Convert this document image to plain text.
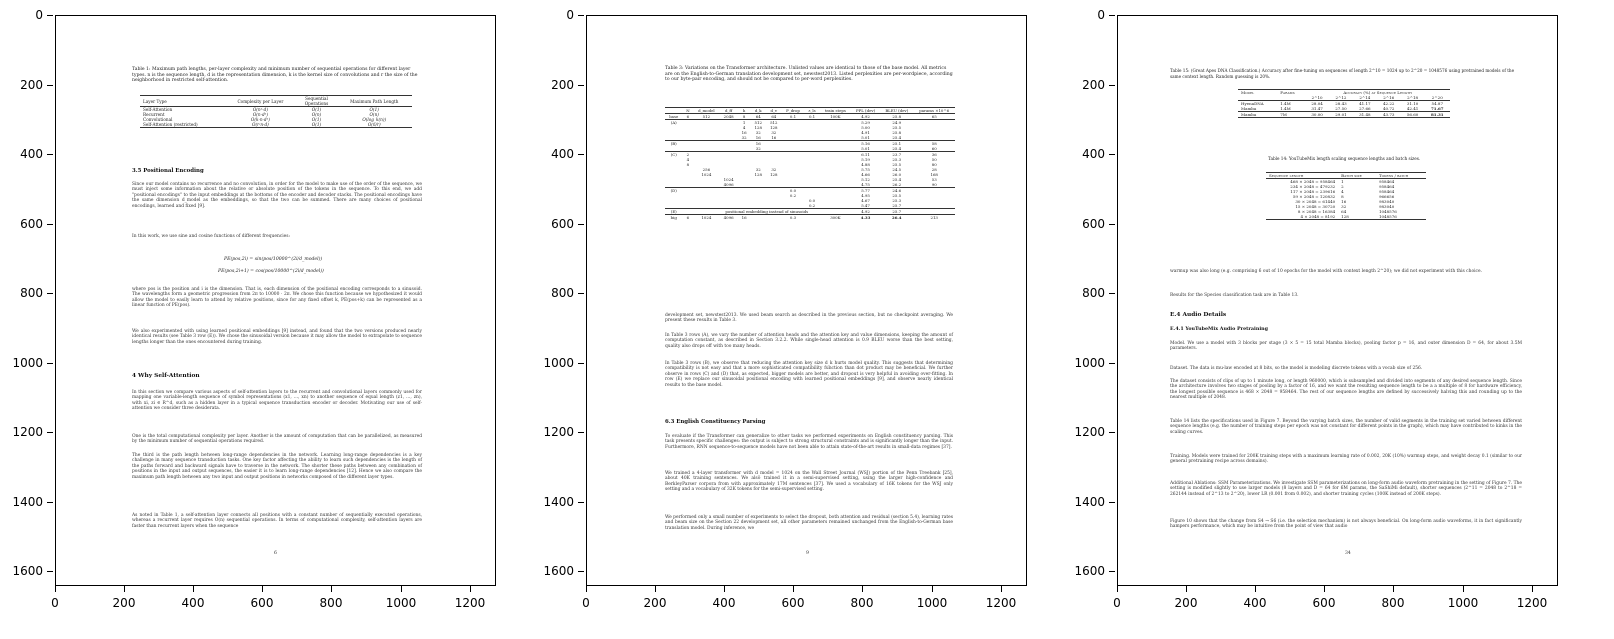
0
200
400
600
800
1000
1200
1400
1600
0	200	400	600	800	1000	1200
Table 1: Maximum path lengths, per-layer complexity and minimum number of sequential operations for different layer types. n is the sequence length, d is the representation dimension, k is the kernel size of convolutions and r the size of the neighborhood in restricted self-attention.
Layer Type	Complexity per Layer	Sequential Operations	Maximum Path Length
Self-Attention	O(n²·d)	O(1)	O(1)
Recurrent	O(n·d²)	O(n)	O(n)
Convolutional	O(k·n·d²)	O(1)	O(log_k(n))
Self-Attention (restricted)	O(r·n·d)	O(1)	O(n/r)
3.5 Positional Encoding
Since our model contains no recurrence and no convolution, in order for the model to make use of the order of the sequence, we must inject some information about the relative or absolute position of the tokens in the sequence. To this end, we add "positional encodings" to the input embeddings at the bottoms of the encoder and decoder stacks. The positional encodings have the same dimension d_model as the embeddings, so that the two can be summed. There are many choices of positional encodings, learned and fixed [9].
In this work, we use sine and cosine functions of different frequencies:
PE(pos,2i) = sin(pos/10000^(2i/d_model))
PE(pos,2i+1) = cos(pos/10000^(2i/d_model))
where pos is the position and i is the dimension. That is, each dimension of the positional encoding corresponds to a sinusoid. The wavelengths form a geometric progression from 2π to 10000 · 2π. We chose this function because we hypothesized it would allow the model to easily learn to attend by relative positions, since for any fixed offset k, PE(pos+k) can be represented as a linear function of PE(pos).
We also experimented with using learned positional embeddings [9] instead, and found that the two versions produced nearly identical results (see Table 3 row (E)). We chose the sinusoidal version because it may allow the model to extrapolate to sequence lengths longer than the ones encountered during training.
4 Why Self-Attention
In this section we compare various aspects of self-attention layers to the recurrent and convolutional layers commonly used for mapping one variable-length sequence of symbol representations (x1, ..., xn) to another sequence of equal length (z1, ..., zn), with xi, zi ∈ R^d, such as a hidden layer in a typical sequence transduction encoder or decoder. Motivating our use of self-attention we consider three desiderata.
One is the total computational complexity per layer. Another is the amount of computation that can be parallelized, as measured by the minimum number of sequential operations required.
The third is the path length between long-range dependencies in the network. Learning long-range dependencies is a key challenge in many sequence transduction tasks. One key factor affecting the ability to learn such dependencies is the length of the paths forward and backward signals have to traverse in the network. The shorter these paths between any combination of positions in the input and output sequences, the easier it is to learn long-range dependencies [12]. Hence we also compare the maximum path length between any two input and output positions in networks composed of the different layer types.
As noted in Table 1, a self-attention layer connects all positions with a constant number of sequentially executed operations, whereas a recurrent layer requires O(n) sequential operations. In terms of computational complexity, self-attention layers are faster than recurrent layers when the sequence
6
0
200
400
600
800
1000
1200
1400
1600
0	200	400	600	800	1000	1200
Table 3: Variations on the Transformer architecture. Unlisted values are identical to those of the base model. All metrics are on the English-to-German translation development set, newstest2013. Listed perplexities are per-wordpiece, according to our byte-pair encoding, and should not be compared to per-word perplexities.
	N	d_model	d_ff	h	d_k	d_v	P_drop	ε_ls	train steps	PPL (dev)	BLEU (dev)	params ×10^6
base	6	512	2048	8	64	64	0.1	0.1	100K	4.92	25.8	65
(A)				1	512	512				5.29	24.9	
				4	128	128				5.00	25.5	
				16	32	32				4.91	25.8	
				32	16	16				5.01	25.4	
(B)					16					5.16	25.1	58
					32					5.01	25.4	60
(C)	2									6.11	23.7	36
	4									5.19	25.3	50
	8									4.88	25.5	80
		256			32	32				5.75	24.5	28
		1024			128	128				4.66	26.0	168
			1024							5.12	25.4	53
			4096							4.75	26.2	90
(D)							0.0			5.77	24.6	
							0.2			4.95	25.5	
								0.0		4.67	25.3	
								0.2		5.47	25.7	
(E)	positional embedding instead of sinusoids									4.92	25.7	
big	6	1024	4096	16			0.3		300K	4.33	26.4	213
development set, newstest2013. We used beam search as described in the previous section, but no checkpoint averaging. We present these results in Table 3.
In Table 3 rows (A), we vary the number of attention heads and the attention key and value dimensions, keeping the amount of computation constant, as described in Section 3.2.2. While single-head attention is 0.9 BLEU worse than the best setting, quality also drops off with too many heads.
In Table 3 rows (B), we observe that reducing the attention key size d_k hurts model quality. This suggests that determining compatibility is not easy and that a more sophisticated compatibility function than dot product may be beneficial. We further observe in rows (C) and (D) that, as expected, bigger models are better, and dropout is very helpful in avoiding over-fitting. In row (E) we replace our sinusoidal positional encoding with learned positional embeddings [9], and observe nearly identical results to the base model.
6.3 English Constituency Parsing
To evaluate if the Transformer can generalize to other tasks we performed experiments on English constituency parsing. This task presents specific challenges: the output is subject to strong structural constraints and is significantly longer than the input. Furthermore, RNN sequence-to-sequence models have not been able to attain state-of-the-art results in small-data regimes [37].
We trained a 4-layer transformer with d_model = 1024 on the Wall Street Journal (WSJ) portion of the Penn Treebank [25], about 40K training sentences. We also trained it in a semi-supervised setting, using the larger high-confidence and BerkleyParser corpora from with approximately 17M sentences [37]. We used a vocabulary of 16K tokens for the WSJ only setting and a vocabulary of 32K tokens for the semi-supervised setting.
We performed only a small number of experiments to select the dropout, both attention and residual (section 5.4), learning rates and beam size on the Section 22 development set, all other parameters remained unchanged from the English-to-German base translation model. During inference, we
9
0
200
400
600
800
1000
1200
1400
1600
0	200	400	600	800	1000	1200
Table 15: (Great Apes DNA Classification.) Accuracy after fine-tuning on sequences of length 2^10 = 1024 up to 2^20 = 1048576 using pretrained models of the same context length. Random guessing is 20%.
Model	Params	Accuracy (%) at Sequence Length					
		2^10	2^12	2^14	2^16	2^18	2^20
HyenaDNA	1.4M	28.04	28.43	41.17	42.22	31.10	54.87
Mamba	1.4M	31.47	27.50	27.66	40.72	42.41	71.67
Mamba	7M	30.00	29.01	31.48	43.73	56.60	81.31
Table 14: YouTubeMix length scaling sequence lengths and batch sizes.
Sequence length	Batch size	Tokens / batch
468 × 2048 = 958464	1	958464
234 × 2048 = 479232	2	958464
117 × 2048 = 239616	4	958464
59 × 2048 = 120832	8	966656
30 × 2048 = 61440	16	983040
15 × 2048 = 30720	32	983040
8 × 2048 = 16384	64	1048576
4 × 2048 = 8192	128	1048576
warmup was also long (e.g. comprising 6 out of 10 epochs for the model with context length 2^20); we did not experiment with this choice.
Results for the Species classification task are in Table 13.
E.4 Audio Details
E.4.1 YouTubeMix Audio Pretraining
Model. We use a model with 3 blocks per stage (3 × 5 = 15 total Mamba blocks), pooling factor p = 16, and outer dimension D = 64, for about 3.5M parameters.
Dataset. The data is mu-law encoded at 8 bits, so the model is modeling discrete tokens with a vocab size of 256.
The dataset consists of clips of up to 1 minute long, or length 960000, which is subsampled and divided into segments of any desired sequence length. Since the architecture involves two stages of pooling by a factor of 16, and we want the resulting sequence length to be a a multiple of 8 for hardware efficiency, the longest possible sequence is 468 × 2048 = 958464. The rest of our sequence lengths are defined by successively halving this and rounding up to the nearest multiple of 2048.
Table 14 lists the specifications used in Figure 7. Beyond the varying batch sizes, the number of valid segments in the training set varied between different sequence lengths (e.g. the number of training steps per epoch was not constant for different points in the graph), which may have contributed to kinks in the scaling curves.
Training. Models were trained for 200K training steps with a maximum learning rate of 0.002, 20K (10%) warmup steps, and weight decay 0.1 (similar to our general pretraining recipe across domains).
Additional Ablations: SSM Parameterizations. We investigate SSM parameterizations on long-form audio waveform pretraining in the setting of Figure 7. The setting is modified slightly to use larger models (8 layers and D = 64 for 6M params, the SaShiMi default), shorter sequences (2^11 = 2048 to 2^18 = 262144 instead of 2^13 to 2^20), lower LR (0.001 from 0.002), and shorter training cycles (100K instead of 200K steps).
Figure 10 shows that the change from S4 → S6 (i.e. the selection mechanism) is not always beneficial. On long-form audio waveforms, it in fact significantly hampers performance, which may be intuitive from the point of view that audio
34
